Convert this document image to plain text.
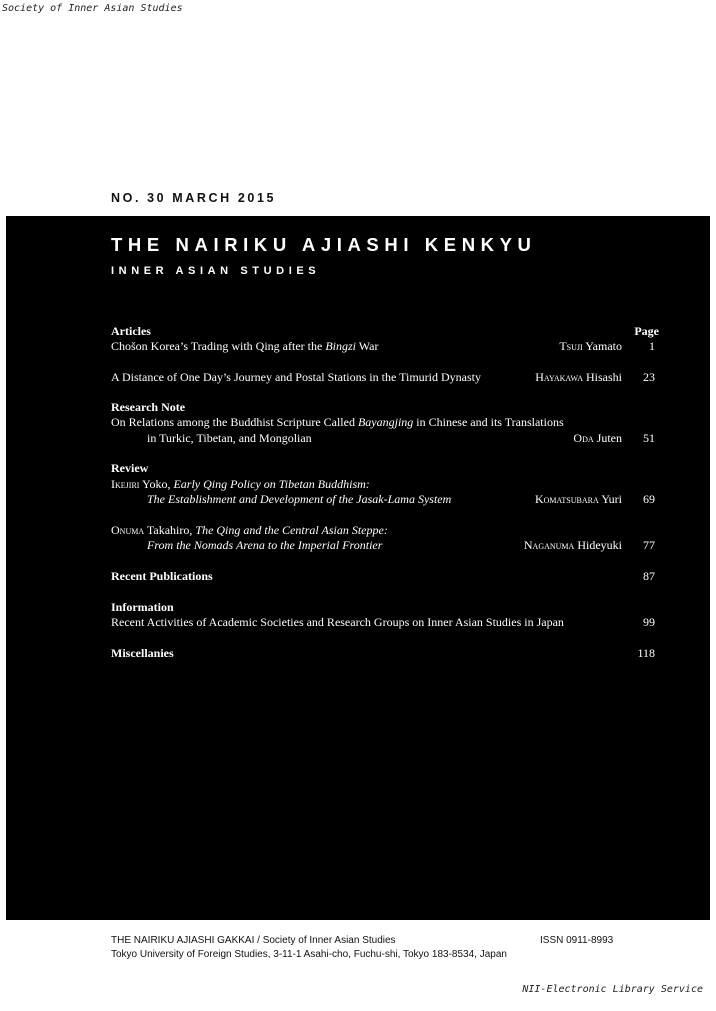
Society of Inner Asian Studies
NO. 30 MARCH 2015
THE NAIRIKU AJIASHI KENKYU
INNER ASIAN STUDIES
Articles	Page
Chošon Korea’s Trading with Qing after the Bingzi War	Tsuji Yamato	1
A Distance of One Day’s Journey and Postal Stations in the Timurid Dynasty	Hayakawa Hisashi	23
Research Note
On Relations among the Buddhist Scripture Called Bayangjing in Chinese and its Translations
in Turkic, Tibetan, and Mongolian	Oda Juten	51
Review
Ikejiri Yoko, Early Qing Policy on Tibetan Buddhism:
The Establishment and Development of the Jasak-Lama System	Komatsubara Yuri	69
Onuma Takahiro, The Qing and the Central Asian Steppe:
From the Nomads Arena to the Imperial Frontier	Naganuma Hideyuki	77
Recent Publications	87
Information
Recent Activities of Academic Societies and Research Groups on Inner Asian Studies in Japan	99
Miscellanies	118
THE NAIRIKU AJIASHI GAKKAI / Society of Inner Asian Studies	ISSN 0911-8993
Tokyo University of Foreign Studies, 3-11-1 Asahi-cho, Fuchu-shi, Tokyo 183-8534, Japan
NII-Electronic Library Service
